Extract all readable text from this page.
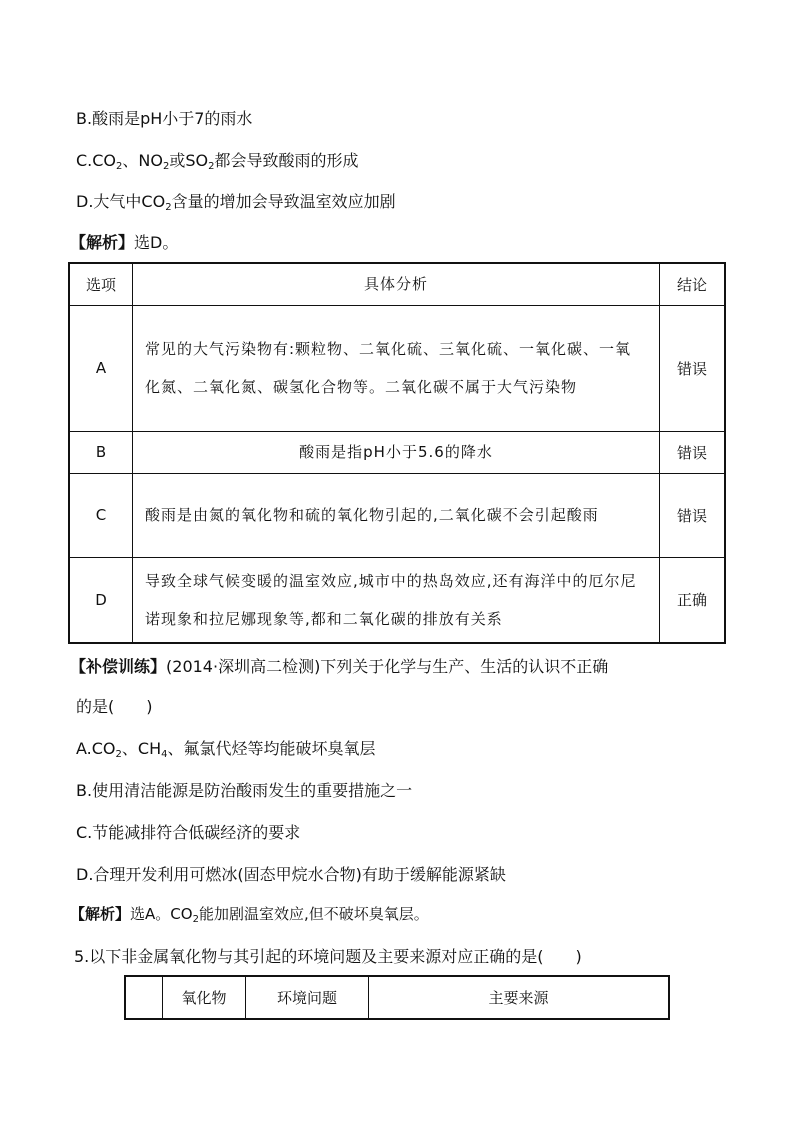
B.酸雨是pH小于7的雨水
$C.CO_2$、$NO_2$或$SO_2$都会导致酸雨的形成
D.大气中$CO_2$含量的增加会导致温室效应加剧
【解析】选D。
选项	具体分析	结论
A	常见的大气污染物有:颗粒物、二氧化硫、三氧化硫、一氧化碳、一氧化氮、二氧化氮、碳氢化合物等。二氧化碳不属于大气污染物	错误
B	酸雨是指pH小于5.6的降水	错误
C	酸雨是由氮的氧化物和硫的氧化物引起的,二氧化碳不会引起酸雨	错误
D	导致全球气候变暖的温室效应,城市中的热岛效应,还有海洋中的厄尔尼诺现象和拉尼娜现象等,都和二氧化碳的排放有关系	正确
【补偿训练】(2014·深圳高二检测)下列关于化学与生产、生活的认识不正确
的是(　　)
$A.CO_2$、$CH_4$、氟氯代烃等均能破坏臭氧层
B.使用清洁能源是防治酸雨发生的重要措施之一
C.节能减排符合低碳经济的要求
D.合理开发利用可燃冰(固态甲烷水合物)有助于缓解能源紧缺
【解析】选A。$CO_2$能加剧温室效应,但不破坏臭氧层。
5.以下非金属氧化物与其引起的环境问题及主要来源对应正确的是(　　)
	氧化物	环境问题	主要来源
